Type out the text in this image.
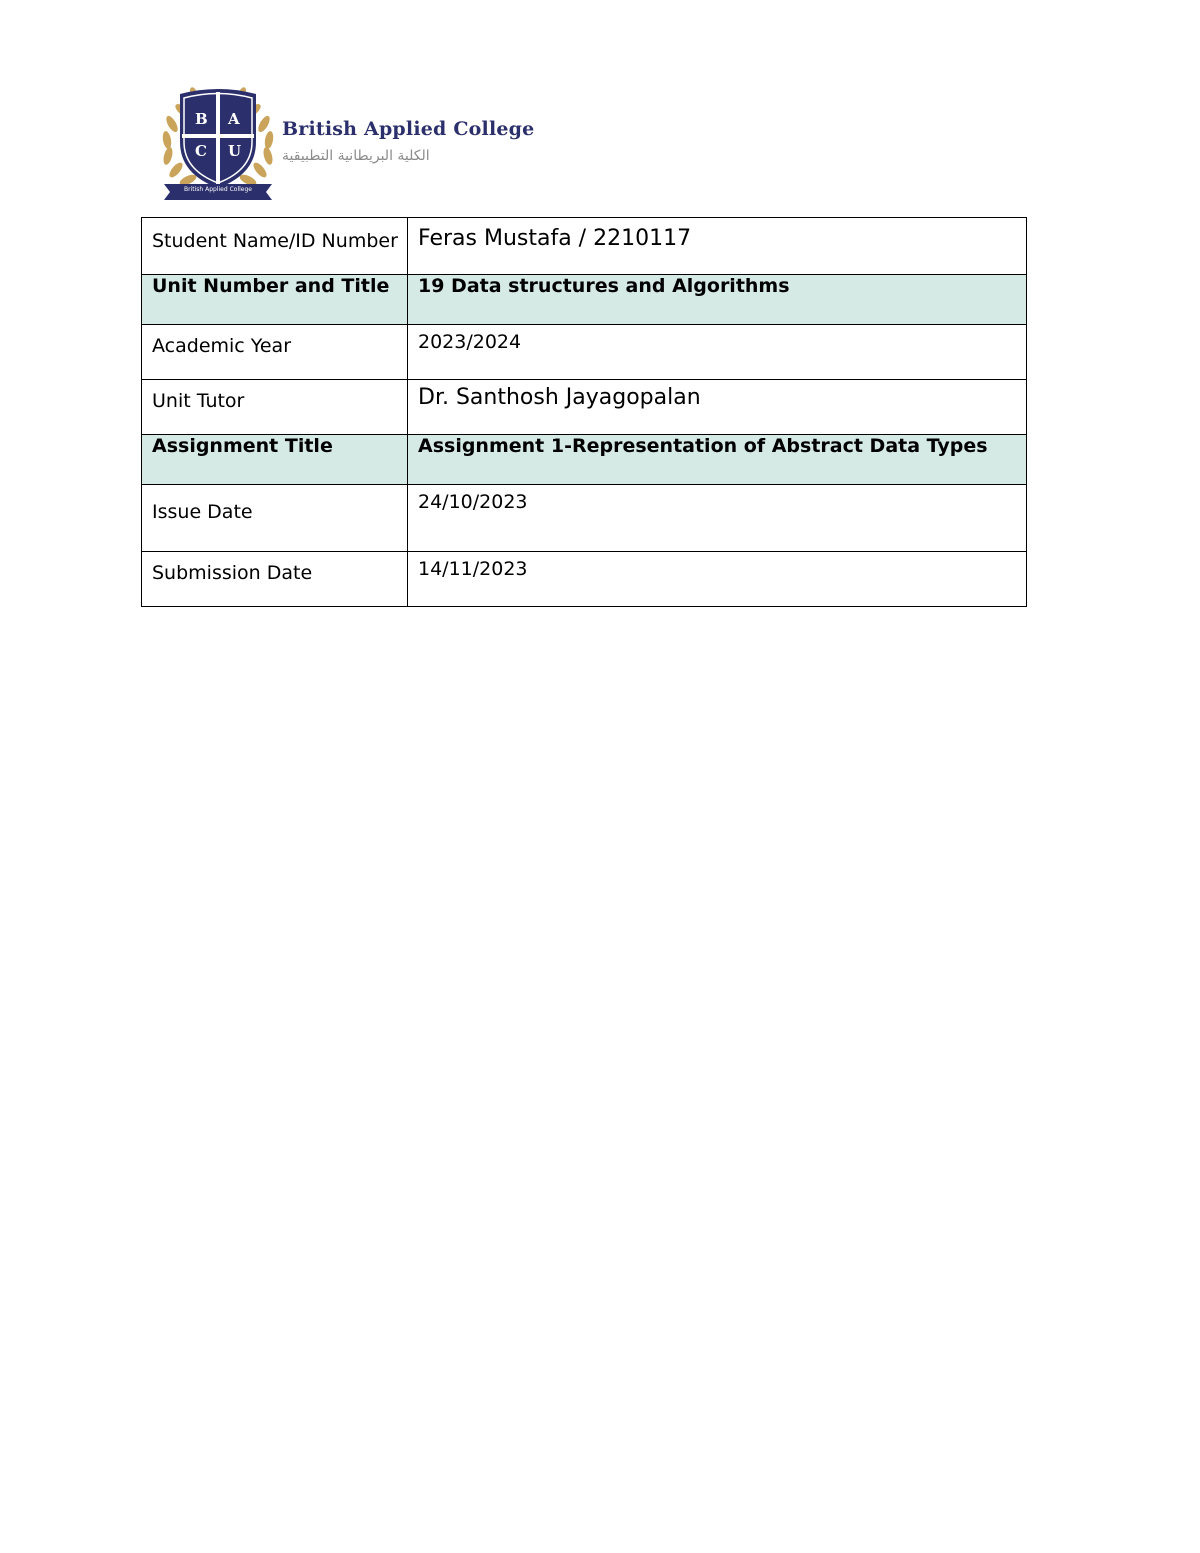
B A
C U
British Applied College
British Applied College
الكلية البريطانية التطبيقية
Student Name/ID Number	Feras Mustafa / 2210117
Unit Number and Title	19 Data structures and Algorithms
Academic Year	2023/2024
Unit Tutor	Dr. Santhosh Jayagopalan
Assignment Title	Assignment 1-Representation of Abstract Data Types
Issue Date	24/10/2023
Submission Date	14/11/2023
